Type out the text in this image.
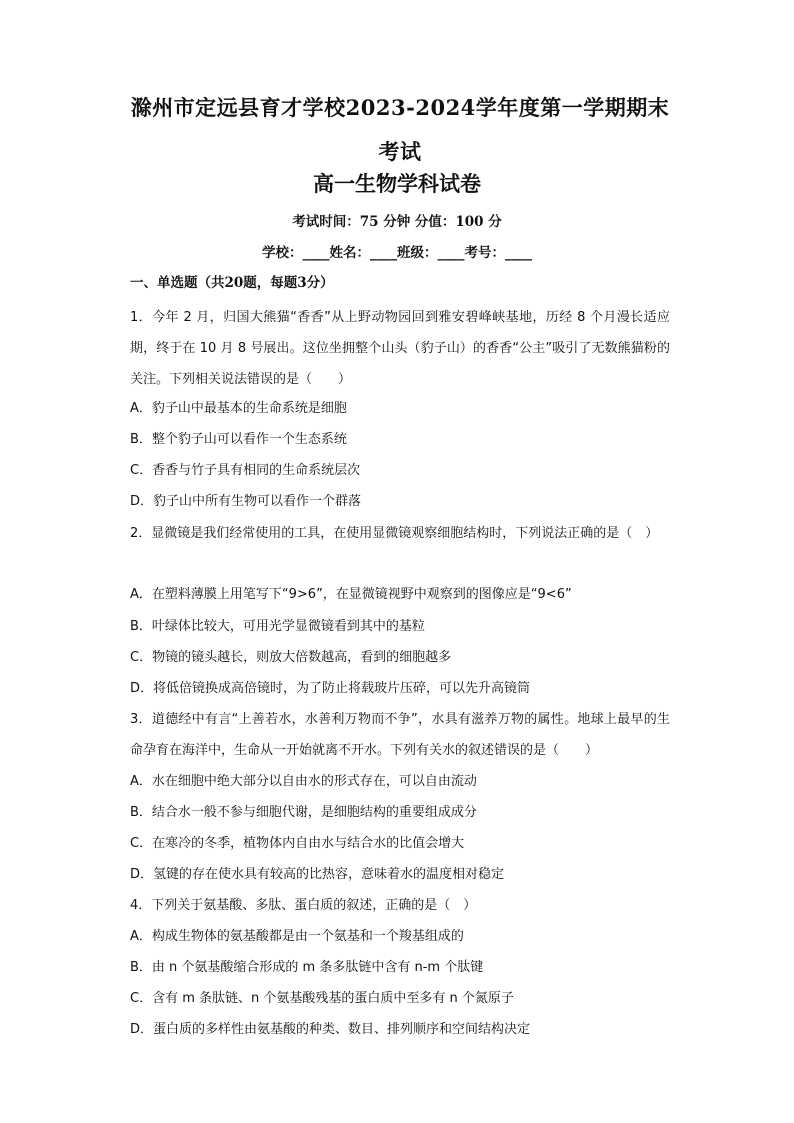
滁州市定远县育才学校2023-2024学年度第一学期期末考试
高一生物学科试卷

考试时间：75 分钟 分值：100 分

学校：____姓名：____班级：____考号：____

一、单选题（共20题，每题3分）

1．今年 2 月，归国大熊猫“香香”从上野动物园回到雅安碧峰峡基地，历经 8 个月漫长适应期，终于在 10 月 8 号展出。这位坐拥整个山头（豹子山）的香香“公主”吸引了无数熊猫粉的关注。下列相关说法错误的是（　　）

A．豹子山中最基本的生命系统是细胞

B．整个豹子山可以看作一个生态系统

C．香香与竹子具有相同的生命系统层次

D．豹子山中所有生物可以看作一个群落

2．显微镜是我们经常使用的工具，在使用显微镜观察细胞结构时，下列说法正确的是（　）

A．在塑料薄膜上用笔写下“9>6”，在显微镜视野中观察到的图像应是“9<6”

B．叶绿体比较大，可用光学显微镜看到其中的基粒

C．物镜的镜头越长，则放大倍数越高，看到的细胞越多

D．将低倍镜换成高倍镜时，为了防止将载玻片压碎，可以先升高镜筒

3．道德经中有言“上善若水，水善利万物而不争”，水具有滋养万物的属性。地球上最早的生命孕育在海洋中，生命从一开始就离不开水。下列有关水的叙述错误的是（　　）

A．水在细胞中绝大部分以自由水的形式存在，可以自由流动

B．结合水一般不参与细胞代谢，是细胞结构的重要组成成分

C．在寒冷的冬季，植物体内自由水与结合水的比值会增大

D．氢键的存在使水具有较高的比热容，意味着水的温度相对稳定

4．下列关于氨基酸、多肽、蛋白质的叙述，正确的是（　）

A．构成生物体的氨基酸都是由一个氨基和一个羧基组成的

B．由 n 个氨基酸缩合形成的 m 条多肽链中含有 n-m 个肽键

C．含有 m 条肽链、n 个氨基酸残基的蛋白质中至多有 n 个氮原子

D．蛋白质的多样性由氨基酸的种类、数目、排列顺序和空间结构决定
